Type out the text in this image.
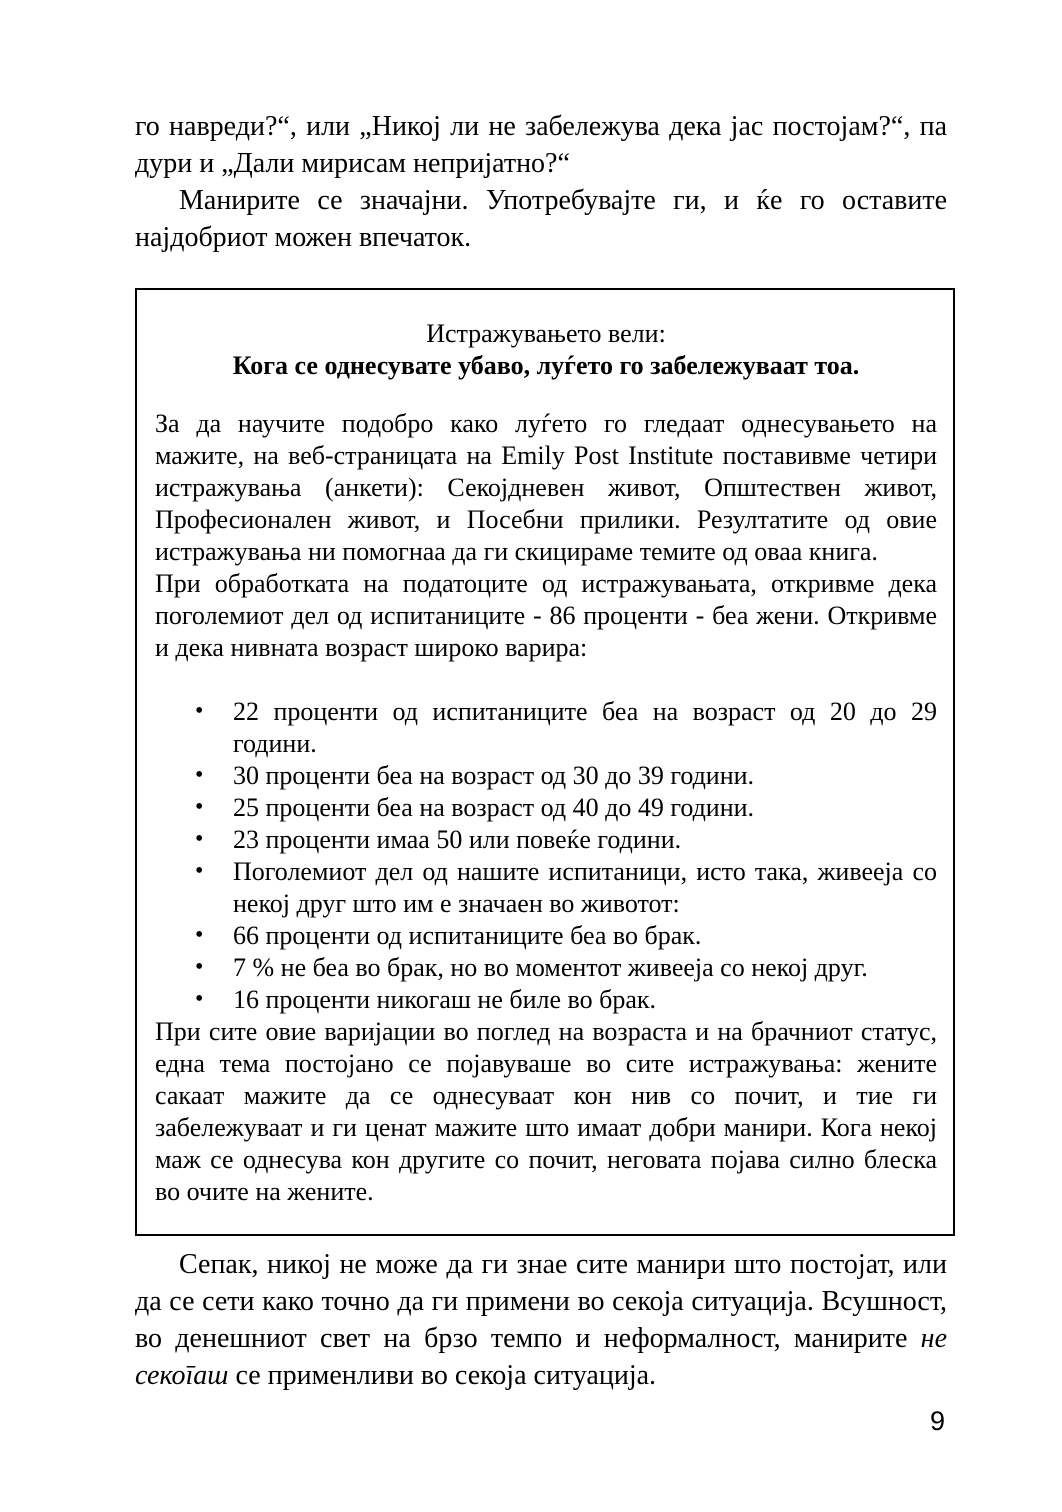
го навреди?“, или „Никој ли не забележува дека јас постојам?“, па дури и „Дали мирисам непријатно?“

Манирите се значајни. Употребувајте ги, и ќе го оставите најдобриот можен впечаток.

Истражувањето вели:
Кога се однесувате убаво, луѓето го забележуваат тоа.

За да научите подобро како луѓето го гледаат однесувањето на мажите, на веб-страницата на Emily Post Institute поставивме четири истражувања (анкети): Секојдневен живот, Општествен живот, Професионален живот, и Посебни прилики. Резултатите од овие истражувања ни помогнаа да ги скицираме темите од оваа книга.

При обработката на податоците од истражувањата, откривме дека поголемиот дел од испитаниците - 86 проценти - беа жени. Откривме и дека нивната возраст широко варира:

• 22 проценти од испитаниците беа на возраст од 20 до 29 години.
• 30 проценти беа на возраст од 30 до 39 години.
• 25 проценти беа на возраст од 40 до 49 години.
• 23 проценти имаа 50 или повеќе години.
• Поголемиот дел од нашите испитаници, исто така, живееја со некој друг што им е значаен во животот:
• 66 проценти од испитаниците беа во брак.
• 7 % не беа во брак, но во моментот живееја со некој друг.
• 16 проценти никогаш не биле во брак.

При сите овие варијации во поглед на возраста и на брачниот статус, една тема постојано се појавуваше во сите истражувања: жените сакаат мажите да се однесуваат кон нив со почит, и тие ги забележуваат и ги ценат мажите што имаат добри манири. Кога некој маж се однесува кон другите со почит, неговата појава силно блеска во очите на жените.

Сепак, никој не може да ги знае сите манири што постојат, или да се сети како точно да ги примени во секоја ситуација. Всушност, во денешниот свет на брзо темпо и неформалност, манирите не секогаш се применливи во секоја ситуација.
9
